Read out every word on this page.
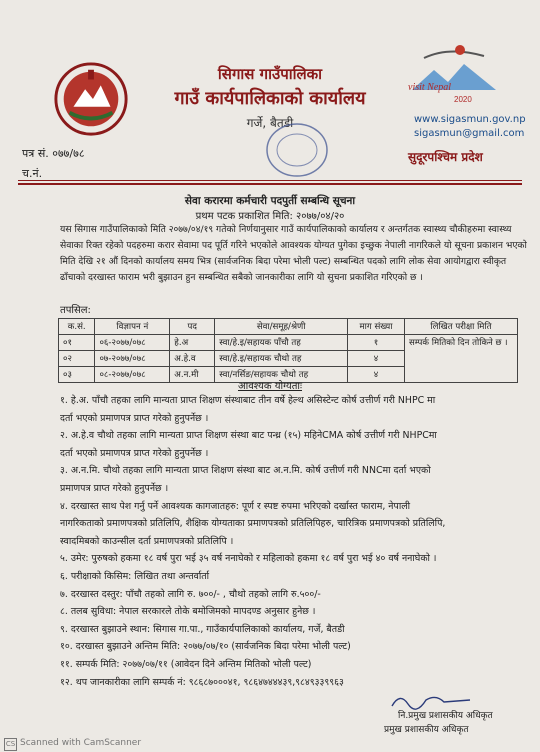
visit Nepal
2020
सिगास गाउँपालिका
गाउँ कार्यपालिकाको कार्यालय
गर्जे, बैतडी	www.sigasmun.gov.np
sigasmun@gmail.com
पत्र सं. ०७७/७८
च.नं.
सुदूरपश्चिम प्रदेश
सेवा करारमा कर्मचारी पदपुर्ती सम्बन्धि सूचना
प्रथम पटक प्रकाशित मिति: २०७७/०४/२०
यस सिगास गाउँपालिकाको मिति २०७७/०४/१९ गतेको निर्णयानुसार गाउँ कार्यपालिकाको कार्यालय र अन्तर्गतक स्वास्थ्य चौकीहरुमा स्वास्थ्य सेवाका रिक्त रहेको पदहरुमा करार सेवामा पद पूर्ति गरिने भएकोले आवश्यक योग्यत पुगेका इच्छुक नेपाली नागरिकले यो सूचना प्रकाशन भएको मिति देखि २१ औं दिनको कार्यालय समय भित्र (सार्वजनिक बिदा परेमा भोली पल्ट) सम्बन्धित पदको लागि लोक सेवा आयोगद्वारा स्वीकृत ढाँचाको दरखास्त फाराम भरी बुझाउन हुन सम्बन्धित सबैको जानकारीका लागि यो सुचना प्रकाशित गरिएको छ ।
तपसिल:
क.सं.	विज्ञापन नं	पद	सेवा/समूह/श्रेणी	माग संख्या	लिखित परीक्षा मिति
०१	०६-२०७७/०७८	हे.अ	स्वा/हे.इ/सहायक पाँचौ तह	१	सम्पर्क मितिको दिन तोकिने छ ।
०२	०७-२०७७/०७८	अ.हे.व	स्वा/हे.इ/सहायक चौथो तह	४	
०३	०८-२०७७/०७८	अ.न.मी	स्वा/नर्सिङ/सहायक चौथो तह	४	
आवश्यक योग्यताः
१. हे.अ. पाँचौ तहका लागि मान्यता प्राप्त शिक्षण संस्थाबाट तीन वर्षे हेल्थ असिस्टेन्ट कोर्ष उत्तीर्ण गरी NHPC मा
दर्ता भएको प्रमाणपत्र प्राप्त गरेको हुनुपर्नेछ ।
२. अ.हे.व चौथो तहका लागि मान्यता प्राप्त शिक्षण संस्था बाट पन्ध्र (१५) महिनेCMA कोर्ष उत्तीर्ण गरी NHPCमा
दर्ता भएको प्रमाणपत्र प्राप्त गरेको हुनुपर्नेछ ।
३. अ.न.मि. चौथो तहका लागि मान्यता प्राप्त शिक्षण संस्था बाट अ.न.मि. कोर्ष उत्तीर्ण गरी NNCमा दर्ता भएको
प्रमाणपत्र प्राप्त गरेको हुनुपर्नेछ ।
४. दरखास्त साथ पेश गर्नु पर्ने आवश्यक कागजातहरु: पूर्ण र स्पष्ट रुपमा भरिएको दर्खास्त फाराम, नेपाली
नागरिकताको प्रमाणपत्रको प्रतिलिपि, शैक्षिक योग्यताका प्रमाणपत्रको प्रतिलिपिहरु, चारित्रिक प्रमाणपत्रको प्रतिलिपि,
स्वादमिबको काउन्सील दर्ता प्रमाणपत्रको प्रतिलिपि ।
५. उमेर: पुरुषको हकमा १८ वर्ष पुरा भई ३५ वर्ष ननाघेको र महिलाको हकमा १८ वर्ष पुरा भई ४० वर्ष ननाघेको ।
६. परीक्षाको किसिम: लिखित तथा अन्तर्वार्ता
७. दरखास्त दस्तुर: पाँचौ तहको लागि रु. ७००/- , चौथो तहको लागि रु.५००/-
८. तलब सुविधा: नेपाल सरकारले तोके बमोजिमको मापदण्ड अनुसार हुनेछ ।
९. दरखास्त बुझाउने स्थान: सिगास गा.पा., गाउँकार्यपालिकाको कार्यालय, गर्जे, बैतडी
१०. दरखास्त बुझाउने अन्तिम मिति: २०७७/०७/१० (सार्वजनिक बिदा परेमा भोली पल्ट)
११. सम्पर्क मिति: २०७७/०७/११ (आवेदन दिने अन्तिम मितिको भोली पल्ट)
१२. थप जानकारीका लागि सम्पर्क नं: ९८६८७०००४१, ९८६४७४४४३९,९८४९३३९९६३
नि.प्रमुख प्रशासकीय अधिकृत
प्रमुख प्रशासकीय अधिकृत
CS Scanned with CamScanner
